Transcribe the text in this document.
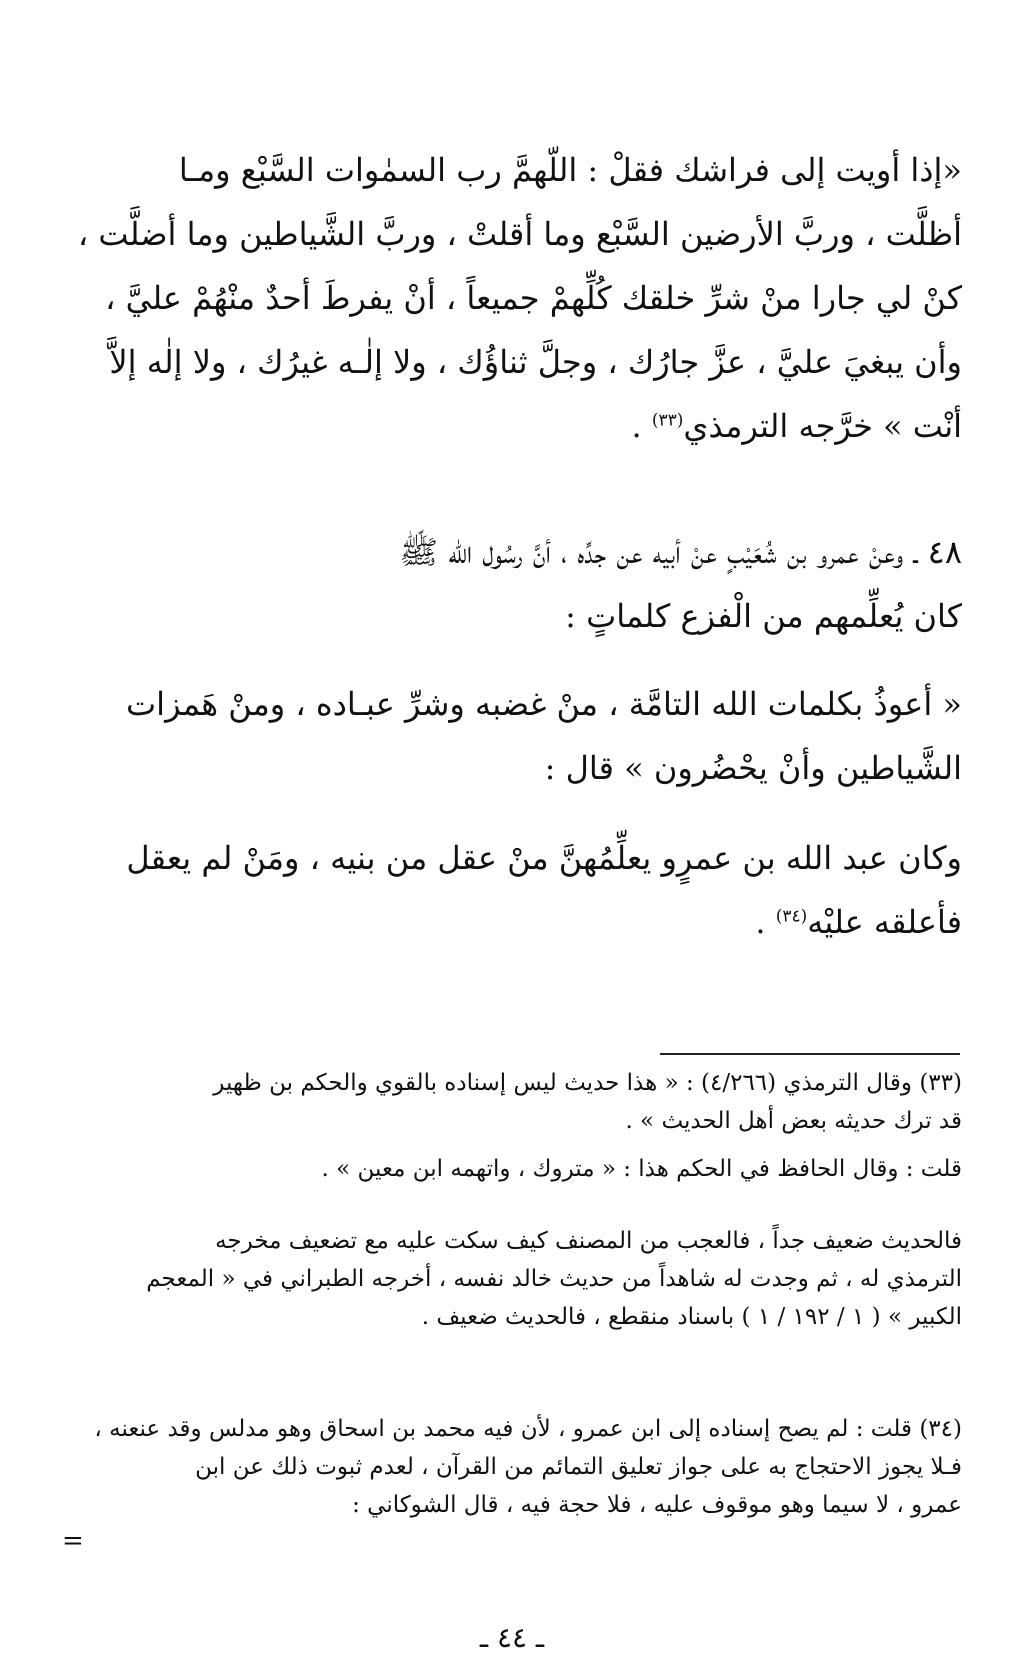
«إذا أويت إلى فراشك فقلْ : اللّهمَّ رب السمٰوات السَّبْع ومـا
أظلَّت ، وربَّ الأرضين السَّبْع وما أقلتْ ، وربَّ الشَّياطين وما أضلَّت ،
كنْ لي جارا منْ شرِّ خلقك كُلِّهمْ جميعاً ، أنْ يفرطَ أحدٌ منْهُمْ عليَّ ،
وأن يبغيَ عليَّ ، عزَّ جارُك ، وجلَّ ثناؤُك ، ولا إلٰـه غيرُك ، ولا إلٰه إلاَّ
أنْت » خرَّجه الترمذي$^{(٣٣)}$ .
٤٨ ـ وعنْ عمرو بن شُعَيْبٍ عنْ أبيه عن جدِّه ، أنَّ رسُول الله ﷺ
كان يُعلِّمهم من الْفزع كلماتٍ :
« أعوذُ بكلمات الله التامَّة ، منْ غضبه وشرِّ عبـاده ، ومنْ هَمزات
الشَّياطين وأنْ يحْضُرون » قال :
وكان عبد الله بن عمرٍو يعلِّمُهنَّ منْ عقل من بنيه ، ومَنْ لم يعقل
فأعلقه عليْه$^{(٣٤)}$ .
(٣٣) وقال الترمذي (٤/٢٦٦) : « هذا حديث ليس إسناده بالقوي والحكم بن ظهير
قد ترك حديثه بعض أهل الحديث » .
قلت : وقال الحافظ في الحكم هذا : « متروك ، واتهمه ابن معين » .
فالحديث ضعيف جداً ، فالعجب من المصنف كيف سكت عليه مع تضعيف مخرجه
الترمذي له ، ثم وجدت له شاهداً من حديث خالد نفسه ، أخرجه الطبراني في « المعجم
الكبير » ( ١ / ١٩٢ / ١ ) باسناد منقطع ، فالحديث ضعيف .
(٣٤) قلت : لم يصح إسناده إلى ابن عمرو ، لأن فيه محمد بن اسحاق وهو مدلس وقد عنعنه ،
فـلا يجوز الاحتجاج به على جواز تعليق التمائم من القرآن ، لعدم ثبوت ذلك عن ابن
عمرو ، لا سيما وهو موقوف عليه ، فلا حجة فيه ، قال الشوكاني :
=
ـ ٤٤ ـ
